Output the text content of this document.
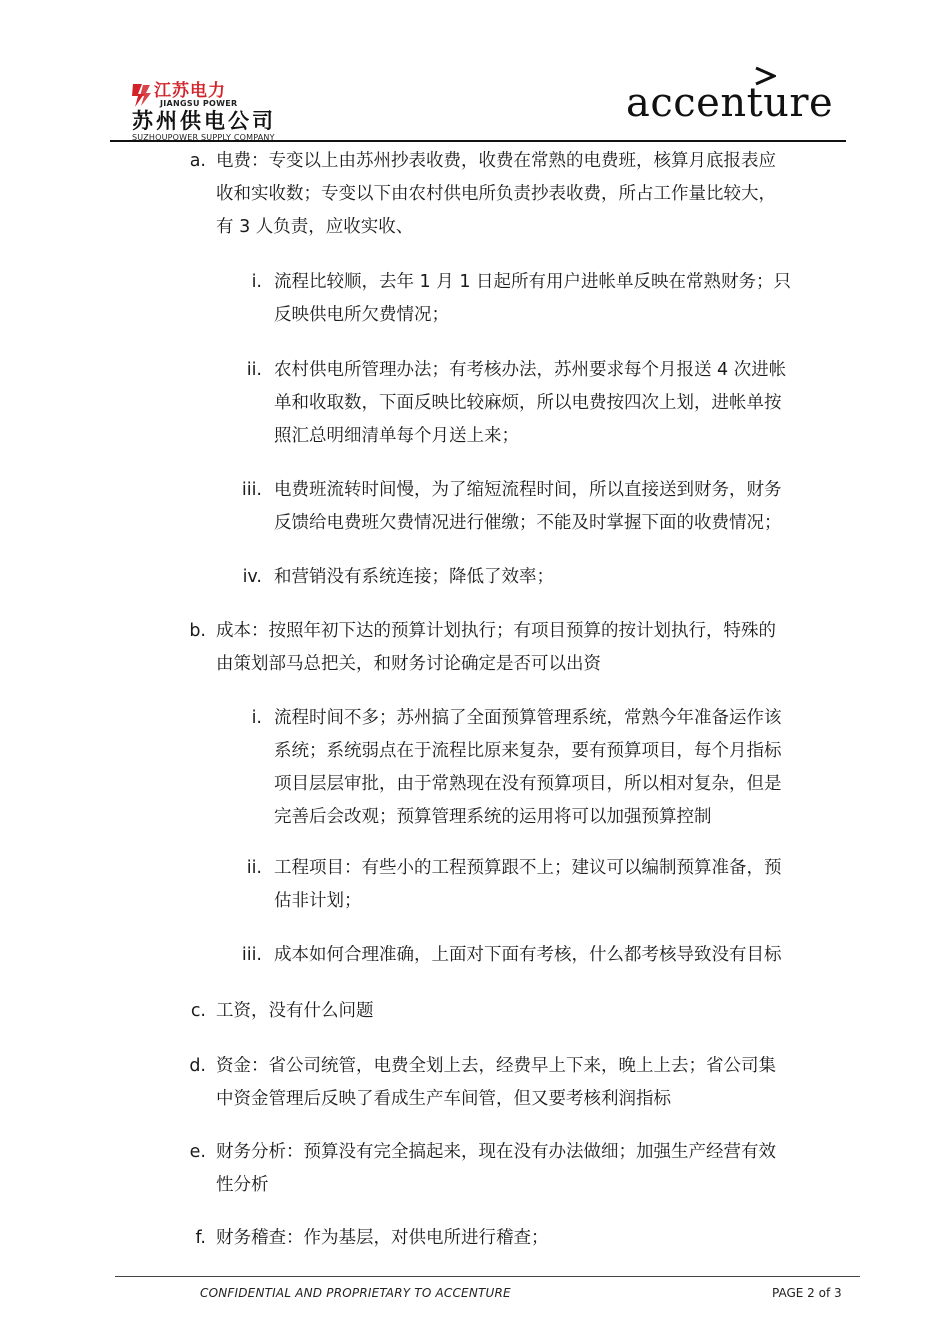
江苏电力
JIANGSU POWER
苏州供电公司
SUZHOUPOWER SUPPLY COMPANY
accenture
a. 电费：专变以上由苏州抄表收费，收费在常熟的电费班，核算月底报表应
收和实收数；专变以下由农村供电所负责抄表收费，所占工作量比较大，
有 3 人负责，应收实收、
i. 流程比较顺，去年 1 月 1 日起所有用户进帐单反映在常熟财务；只
反映供电所欠费情况；
ii. 农村供电所管理办法；有考核办法，苏州要求每个月报送 4 次进帐
单和收取数，下面反映比较麻烦，所以电费按四次上划，进帐单按
照汇总明细清单每个月送上来；
iii. 电费班流转时间慢，为了缩短流程时间，所以直接送到财务，财务
反馈给电费班欠费情况进行催缴；不能及时掌握下面的收费情况；
iv. 和营销没有系统连接；降低了效率；
b. 成本：按照年初下达的预算计划执行；有项目预算的按计划执行，特殊的
由策划部马总把关，和财务讨论确定是否可以出资
i. 流程时间不多；苏州搞了全面预算管理系统，常熟今年准备运作该
系统；系统弱点在于流程比原来复杂，要有预算项目，每个月指标
项目层层审批，由于常熟现在没有预算项目，所以相对复杂，但是
完善后会改观；预算管理系统的运用将可以加强预算控制
ii. 工程项目：有些小的工程预算跟不上；建议可以编制预算准备，预
估非计划；
iii. 成本如何合理准确，上面对下面有考核，什么都考核导致没有目标
c. 工资，没有什么问题
d. 资金：省公司统管，电费全划上去，经费早上下来，晚上上去；省公司集
中资金管理后反映了看成生产车间管，但又要考核利润指标
e. 财务分析：预算没有完全搞起来，现在没有办法做细；加强生产经营有效
性分析
f. 财务稽查：作为基层，对供电所进行稽查；
CONFIDENTIAL AND PROPRIETARY TO ACCENTURE	PAGE 2 of 3
